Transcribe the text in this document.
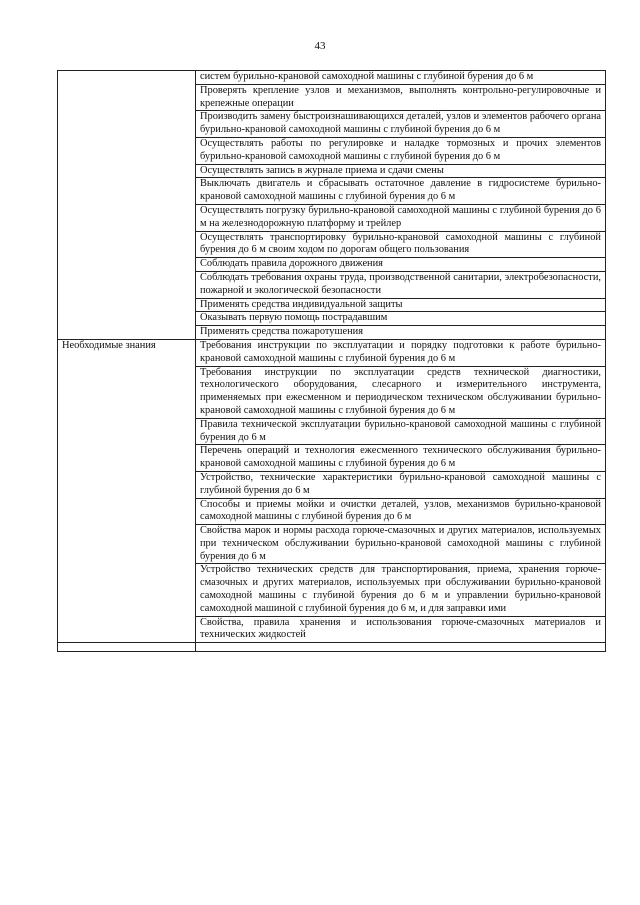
43
	систем бурильно-крановой самоходной машины с глубиной бурения до 6 м
	Проверять крепление узлов и механизмов, выполнять контрольно-регулировочные и крепежные операции
	Производить замену быстроизнашивающихся деталей, узлов и элементов рабочего органа бурильно-крановой самоходной машины с глубиной бурения до 6 м
	Осуществлять работы по регулировке и наладке тормозных и прочих элементов бурильно-крановой самоходной машины с глубиной бурения до 6 м
	Осуществлять запись в журнале приема и сдачи смены
	Выключать двигатель и сбрасывать остаточное давление в гидросистеме бурильно-крановой самоходной машины с глубиной бурения до 6 м
	Осуществлять погрузку бурильно-крановой самоходной машины с глубиной бурения до 6 м на железнодорожную платформу и трейлер
	Осуществлять транспортировку бурильно-крановой самоходной машины с глубиной бурения до 6 м своим ходом по дорогам общего пользования
	Соблюдать правила дорожного движения
	Соблюдать требования охраны труда, производственной санитарии, электробезопасности, пожарной и экологической безопасности
	Применять средства индивидуальной защиты
	Оказывать первую помощь пострадавшим
	Применять средства пожаротушения
Необходимые знания	Требования инструкции по эксплуатации и порядку подготовки к работе бурильно-крановой самоходной машины с глубиной бурения до 6 м
	Требования инструкции по эксплуатации средств технической диагностики, технологического оборудования, слесарного и измерительного инструмента, применяемых при ежесменном и периодическом техническом обслуживании бурильно-крановой самоходной машины с глубиной бурения до 6 м
	Правила технической эксплуатации бурильно-крановой самоходной машины с глубиной бурения до 6 м
	Перечень операций и технология ежесменного технического обслуживания бурильно-крановой самоходной машины с глубиной бурения до 6 м
	Устройство, технические характеристики бурильно-крановой самоходной машины с глубиной бурения до 6 м
	Способы и приемы мойки и очистки деталей, узлов, механизмов бурильно-крановой самоходной машины с глубиной бурения до 6 м
	Свойства марок и нормы расхода горюче-смазочных и других материалов, используемых при техническом обслуживании бурильно-крановой самоходной машины с глубиной бурения до 6 м
	Устройство технических средств для транспортирования, приема, хранения горюче-смазочных и других материалов, используемых при обслуживании бурильно-крановой самоходной машины с глубиной бурения до 6 м и управлении бурильно-крановой самоходной машиной с глубиной бурения до 6 м, и для заправки ими
	Свойства, правила хранения и использования горюче-смазочных материалов и технических жидкостей
